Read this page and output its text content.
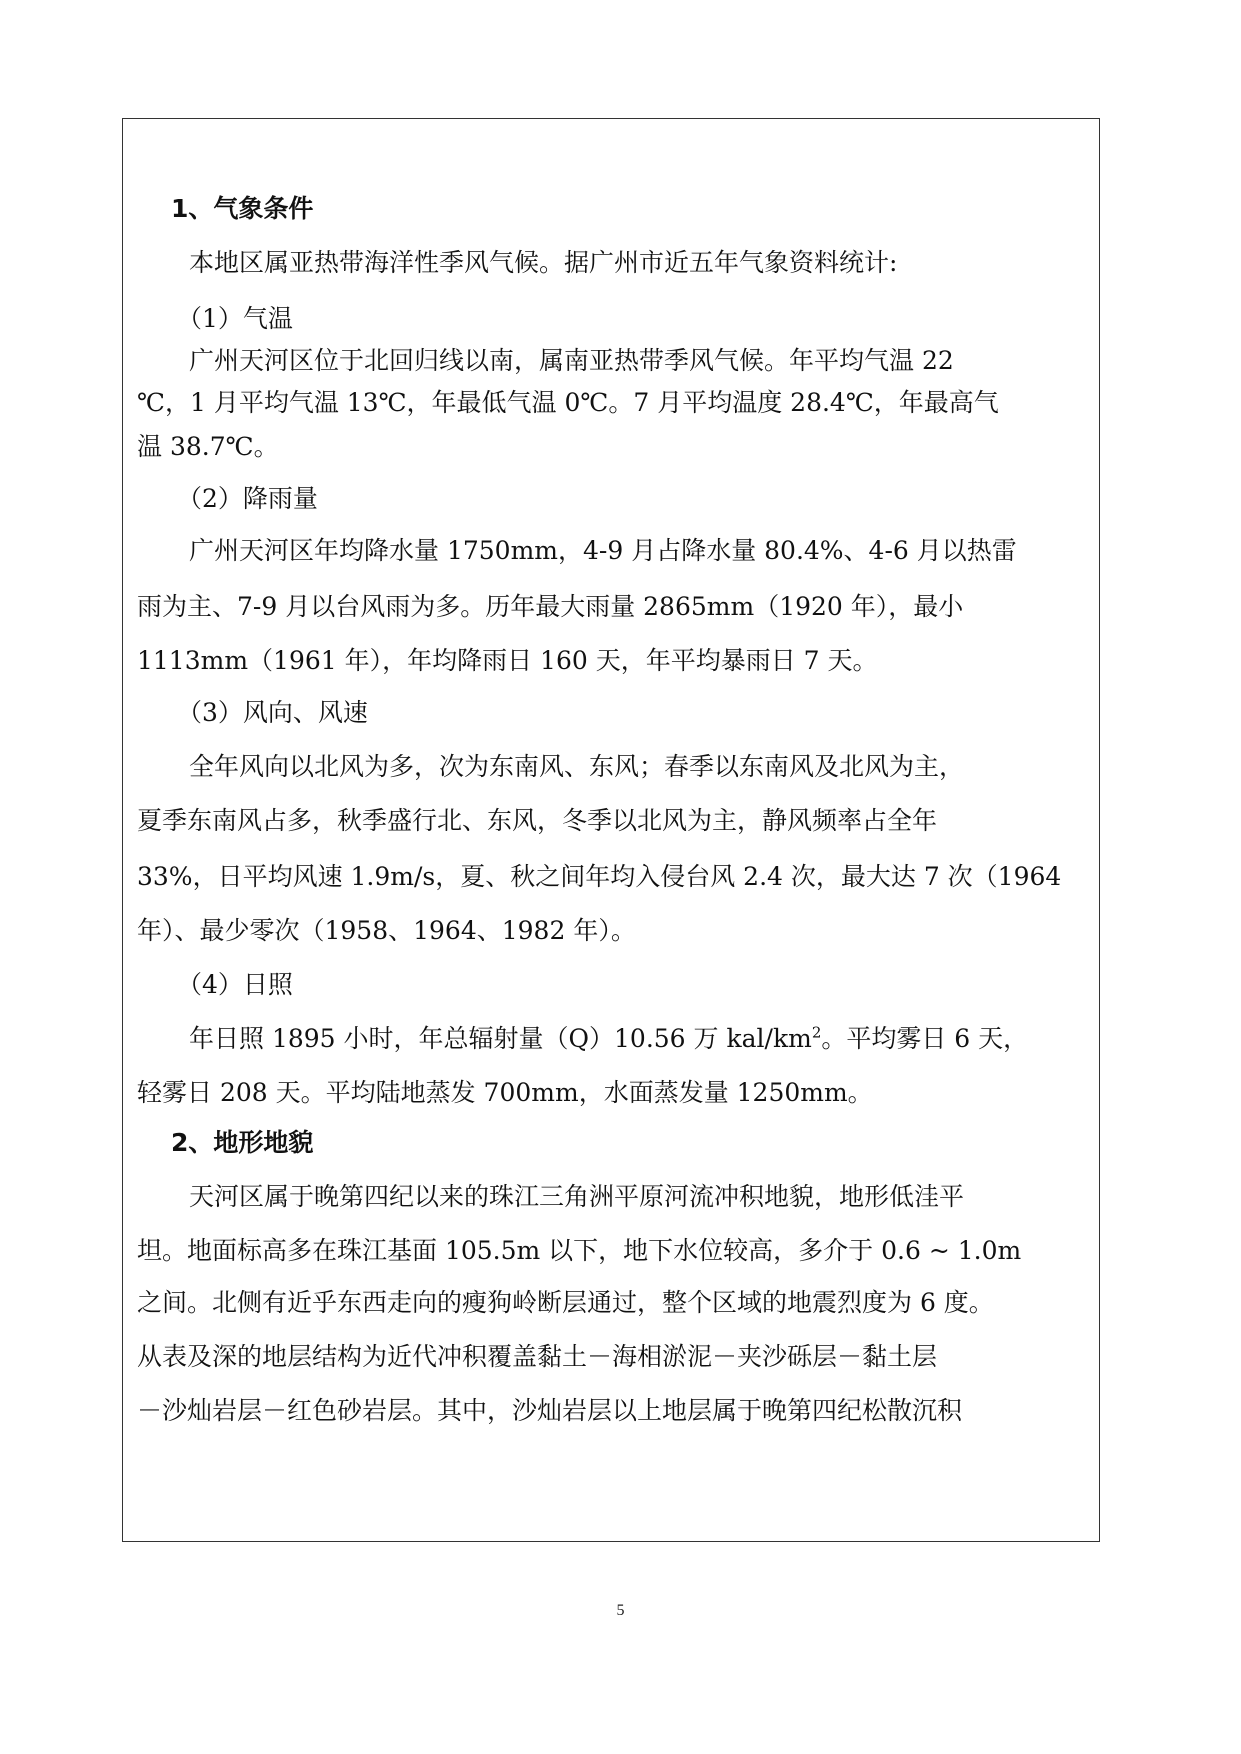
1、气象条件
本地区属亚热带海洋性季风气候。据广州市近五年气象资料统计:
（1）气温
广州天河区位于北回归线以南，属南亚热带季风气候。年平均气温 22
℃，1 月平均气温 13℃，年最低气温 0℃。7 月平均温度 28.4℃，年最高气
温 38.7℃。
（2）降雨量
广州天河区年均降水量 1750mm，4-9 月占降水量 80.4%、4-6 月以热雷
雨为主、7-9 月以台风雨为多。历年最大雨量 2865mm（1920 年），最小
1113mm（1961 年），年均降雨日 160 天，年平均暴雨日 7 天。
（3）风向、风速
全年风向以北风为多，次为东南风、东风；春季以东南风及北风为主，
夏季东南风占多，秋季盛行北、东风，冬季以北风为主，静风频率占全年
33%，日平均风速 1.9m/s，夏、秋之间年均入侵台风 2.4 次，最大达 7 次（1964
年）、最少零次（1958、1964、1982 年）。
（4）日照
年日照 1895 小时，年总辐射量（Q）10.56 万 kal/$km^2$。平均雾日 6 天，
轻雾日 208 天。平均陆地蒸发 700mm，水面蒸发量 1250mm。
2、地形地貌
天河区属于晚第四纪以来的珠江三角洲平原河流冲积地貌，地形低洼平
坦。地面标高多在珠江基面 105.5m 以下，地下水位较高，多介于 0.6 ~ 1.0m
之间。北侧有近乎东西走向的瘦狗岭断层通过，整个区域的地震烈度为 6 度。
从表及深的地层结构为近代冲积覆盖黏土－海相淤泥－夹沙砾层－黏土层
－沙灿岩层－红色砂岩层。其中，沙灿岩层以上地层属于晚第四纪松散沉积
5
